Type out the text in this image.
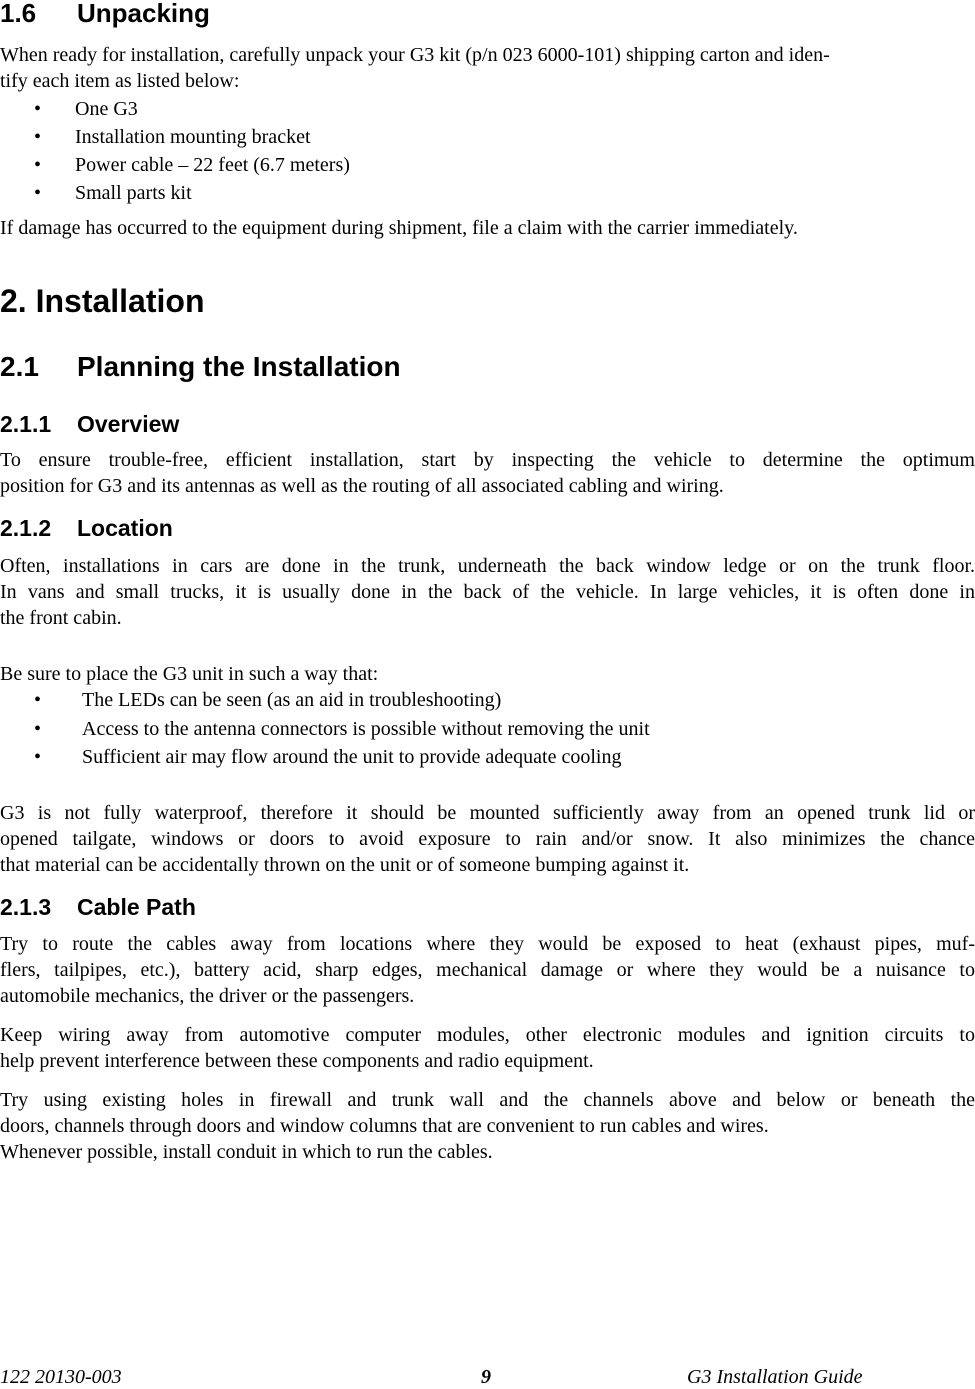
1.6 Unpacking
When ready for installation, carefully unpack your G3 kit (p/n 023 6000-101) shipping carton and iden-
tify each item as listed below:
• One G3
• Installation mounting bracket
• Power cable – 22 feet (6.7 meters)
• Small parts kit
If damage has occurred to the equipment during shipment, file a claim with the carrier immediately.
2. Installation
2.1 Planning the Installation
2.1.1 Overview
To ensure trouble-free, efficient installation, start by inspecting the vehicle to determine the optimum
position for G3 and its antennas as well as the routing of all associated cabling and wiring.
2.1.2 Location
Often, installations in cars are done in the trunk, underneath the back window ledge or on the trunk floor.
In vans and small trucks, it is usually done in the back of the vehicle. In large vehicles, it is often done in
the front cabin.
Be sure to place the G3 unit in such a way that:
• The LEDs can be seen (as an aid in troubleshooting)
• Access to the antenna connectors is possible without removing the unit
• Sufficient air may flow around the unit to provide adequate cooling
G3 is not fully waterproof, therefore it should be mounted sufficiently away from an opened trunk lid or
opened tailgate, windows or doors to avoid exposure to rain and/or snow. It also minimizes the chance
that material can be accidentally thrown on the unit or of someone bumping against it.
2.1.3 Cable Path
Try to route the cables away from locations where they would be exposed to heat (exhaust pipes, muf-
flers, tailpipes, etc.), battery acid, sharp edges, mechanical damage or where they would be a nuisance to
automobile mechanics, the driver or the passengers.
Keep wiring away from automotive computer modules, other electronic modules and ignition circuits to
help prevent interference between these components and radio equipment.
Try using existing holes in firewall and trunk wall and the channels above and below or beneath the
doors, channels through doors and window columns that are convenient to run cables and wires.
Whenever possible, install conduit in which to run the cables.
122 20130-003	9	G3 Installation Guide
